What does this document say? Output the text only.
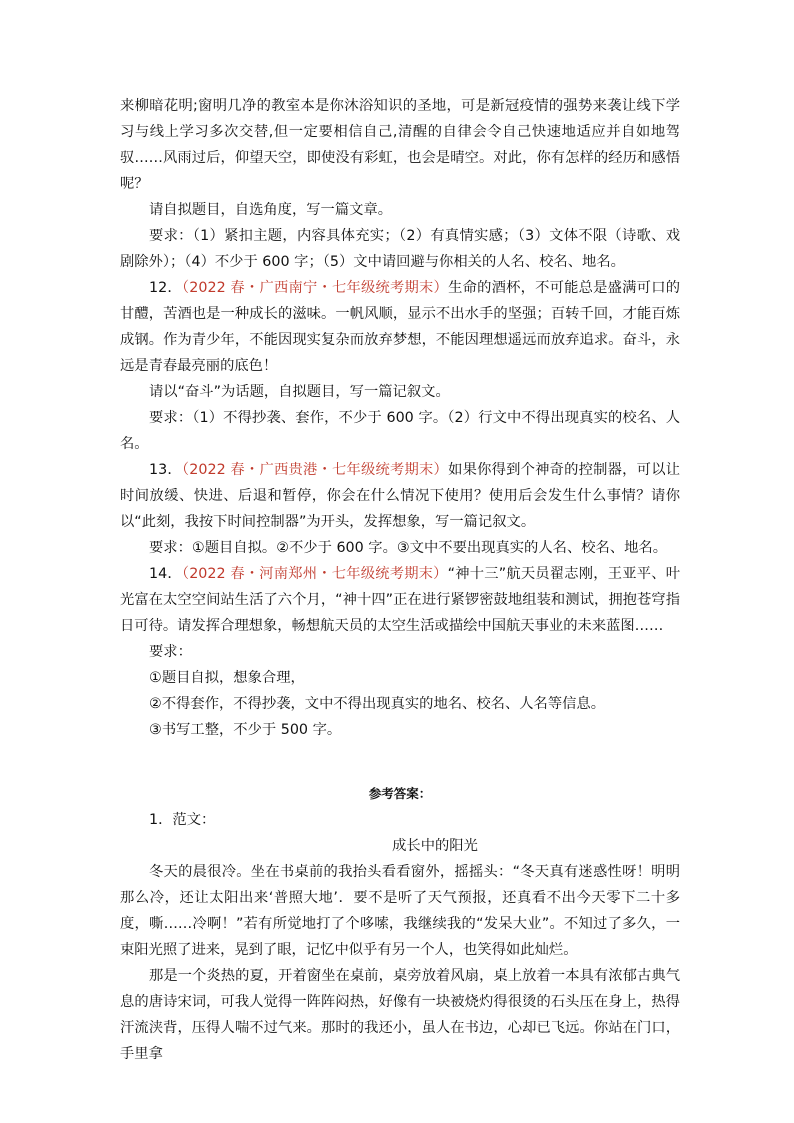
来柳暗花明;窗明几净的教室本是你沐浴知识的圣地，可是新冠疫情的强势来袭让线下学习与线上学习多次交替,但一定要相信自己,清醒的自律会令自己快速地适应并自如地驾驭……风雨过后，仰望天空，即使没有彩虹，也会是晴空。对此，你有怎样的经历和感悟呢？

请自拟题目，自选角度，写一篇文章。

要求：（1）紧扣主题，内容具体充实；（2）有真情实感；（3）文体不限（诗歌、戏剧除外）；（4）不少于 600 字；（5）文中请回避与你相关的人名、校名、地名。

12．（2022 春・广西南宁・七年级统考期末）生命的酒杯，不可能总是盛满可口的甘醴，苦酒也是一种成长的滋味。一帆风顺，显示不出水手的坚强；百转千回，才能百炼成钢。作为青少年，不能因现实复杂而放弃梦想，不能因理想遥远而放弃追求。奋斗，永远是青春最亮丽的底色！

请以“奋斗”为话题，自拟题目，写一篇记叙文。

要求：（1）不得抄袭、套作，不少于 600 字。（2）行文中不得出现真实的校名、人名。

13．（2022 春・广西贵港・七年级统考期末）如果你得到个神奇的控制器，可以让时间放缓、快进、后退和暂停，你会在什么情况下使用？使用后会发生什么事情？请你以“此刻，我按下时间控制器”为开头，发挥想象，写一篇记叙文。

要求：①题目自拟。②不少于 600 字。③文中不要出现真实的人名、校名、地名。

14．（2022 春・河南郑州・七年级统考期末）“神十三”航天员翟志刚，王亚平、叶光富在太空空间站生活了六个月，“神十四”正在进行紧锣密鼓地组装和测试，拥抱苍穹指日可待。请发挥合理想象，畅想航天员的太空生活或描绘中国航天事业的未来蓝图……

要求：

①题目自拟，想象合理，

②不得套作，不得抄袭，文中不得出现真实的地名、校名、人名等信息。

③书写工整，不少于 500 字。

参考答案：

1．范文：

成长中的阳光

冬天的晨很冷。坐在书桌前的我抬头看看窗外，摇摇头：“冬天真有迷惑性呀！明明那么冷，还让太阳出来‘普照大地’．要不是听了天气预报，还真看不出今天零下二十多度，嘶……冷啊！”若有所觉地打了个哆嗦，我继续我的“发呆大业”。不知过了多久，一束阳光照了进来，晃到了眼，记忆中似乎有另一个人，也笑得如此灿烂。

那是一个炎热的夏，开着窗坐在桌前，桌旁放着风扇，桌上放着一本具有浓郁古典气息的唐诗宋词，可我人觉得一阵阵闷热，好像有一块被烧灼得很烫的石头压在身上，热得汗流浃背，压得人喘不过气来。那时的我还小，虽人在书边，心却已飞远。你站在门口，手里拿
